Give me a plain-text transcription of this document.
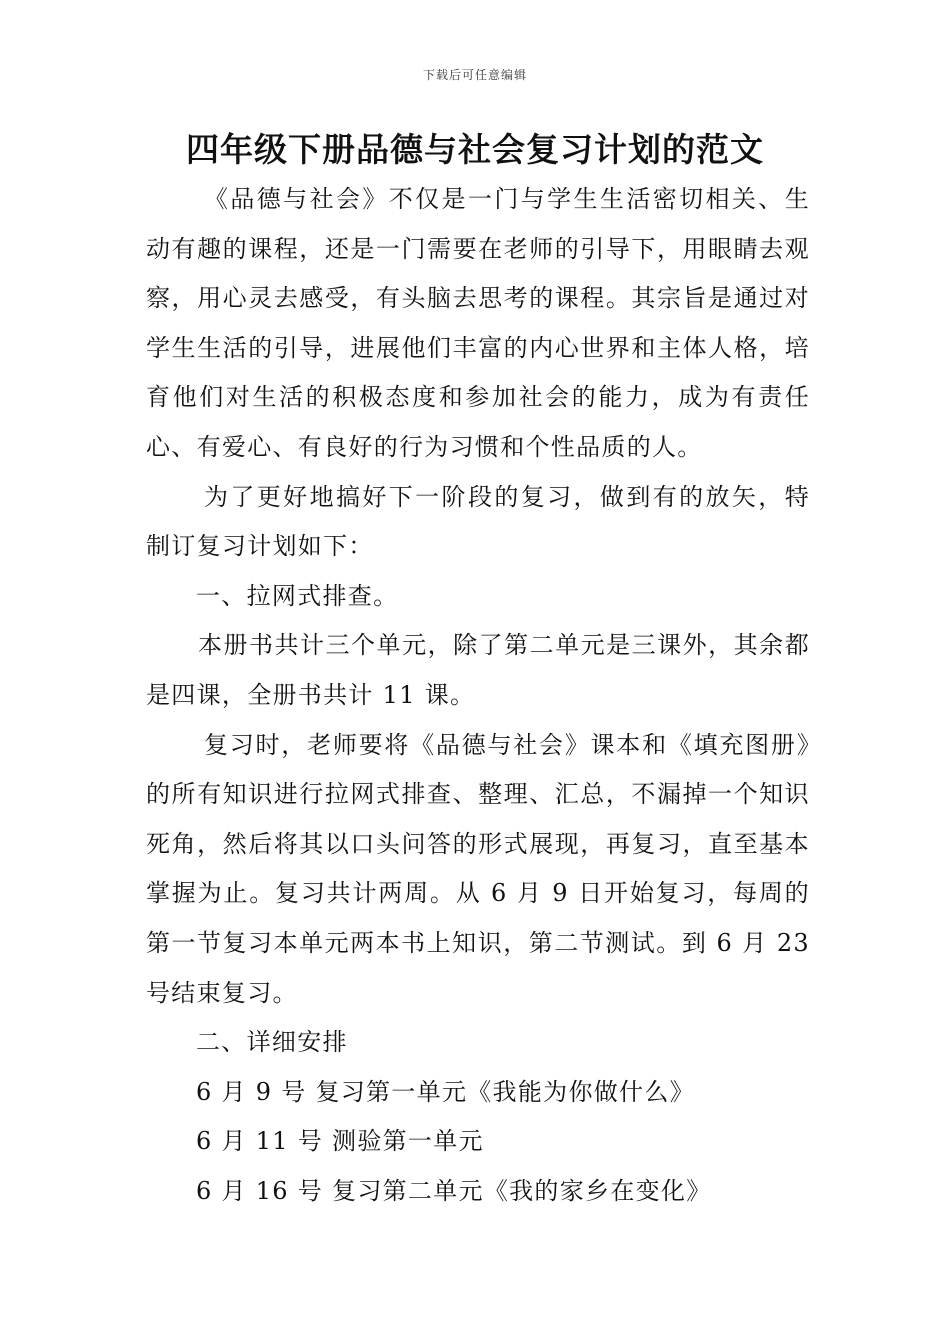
下载后可任意编辑
四年级下册品德与社会复习计划的范文

《品德与社会》不仅是一门与学生生活密切相关、生动有趣的课程，还是一门需要在老师的引导下，用眼睛去观察，用心灵去感受，有头脑去思考的课程。其宗旨是通过对学生生活的引导，进展他们丰富的内心世界和主体人格，培育他们对生活的积极态度和参加社会的能力，成为有责任心、有爱心、有良好的行为习惯和个性品质的人。

为了更好地搞好下一阶段的复习，做到有的放矢，特制订复习计划如下：

一、拉网式排查。

本册书共计三个单元，除了第二单元是三课外，其余都是四课，全册书共计 11 课。

复习时，老师要将《品德与社会》课本和《填充图册》的所有知识进行拉网式排查、整理、汇总，不漏掉一个知识死角，然后将其以口头问答的形式展现，再复习，直至基本掌握为止。复习共计两周。从 6 月 9 日开始复习，每周的第一节复习本单元两本书上知识，第二节测试。到 6 月 23 号结束复习。

二、详细安排

6 月 9 号 复习第一单元《我能为你做什么》

6 月 11 号 测验第一单元

6 月 16 号 复习第二单元《我的家乡在变化》
